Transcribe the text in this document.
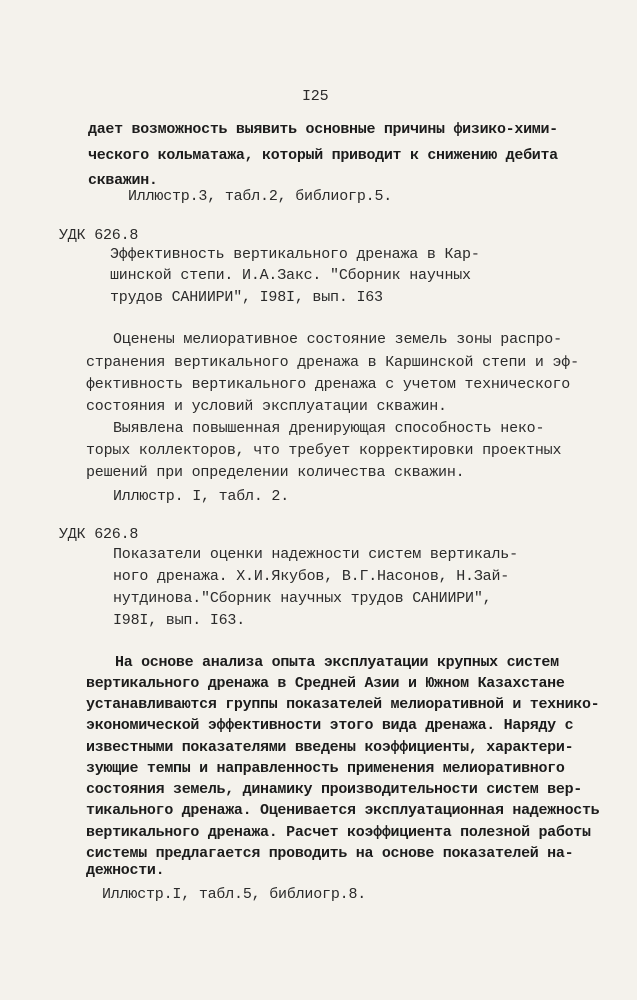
I25
дает возможность выявить основные причины физико-хими-
ческого кольматажа, который приводит к снижению дебита
скважин.
Иллюстр.3, табл.2, библиогр.5.
УДК 626.8
Эффективность вертикального дренажа в Кар-
шинской степи. И.А.Закс. "Сборник научных
трудов САНИИРИ", I98I, вып. I63
Оценены мелиоративное состояние земель зоны распро-
странения вертикального дренажа в Каршинской степи и эф-
фективность вертикального дренажа с учетом технического
состояния и условий эксплуатации скважин.
Выявлена повышенная дренирующая способность неко-
торых коллекторов, что требует корректировки проектных
решений при определении количества скважин.
Иллюстр. I, табл. 2.
УДК 626.8
Показатели оценки надежности систем вертикаль-
ного дренажа. Х.И.Якубов, В.Г.Насонов, Н.Зай-
нутдинова."Сборник научных трудов САНИИРИ",
I98I, вып. I63.
На основе анализа опыта эксплуатации крупных систем
вертикального дренажа в Средней Азии и Южном Казахстане
устанавливаются группы показателей мелиоративной и технико-
экономической эффективности этого вида дренажа. Наряду с
известными показателями введены коэффициенты, характери-
зующие темпы и направленность применения мелиоративного
состояния земель, динамику производительности систем вер-
тикального дренажа. Оценивается эксплуатационная надежность
вертикального дренажа. Расчет коэффициента полезной работы
системы предлагается проводить на основе показателей на-
дежности.
Иллюстр.I, табл.5, библиогр.8.
